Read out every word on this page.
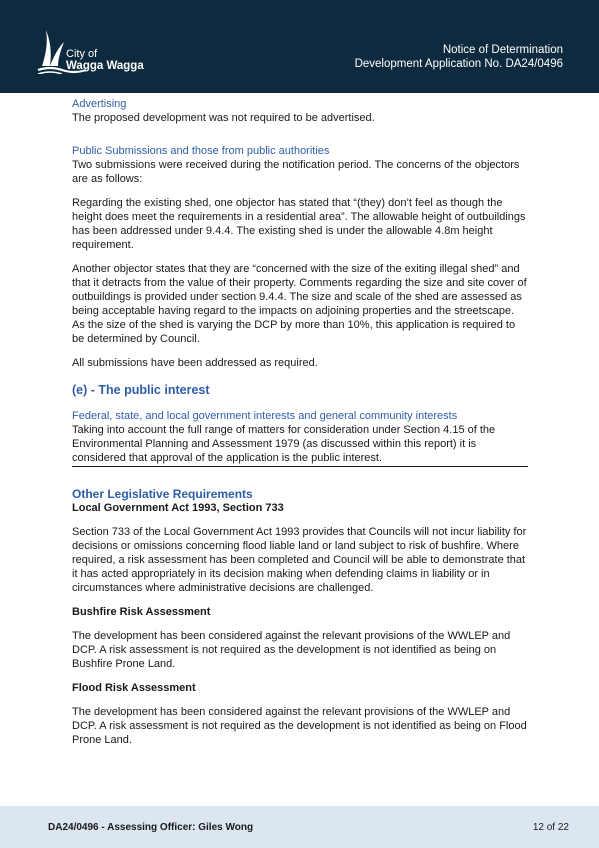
City of
Wagga Wagga
Notice of Determination
Development Application No. DA24/0496

Advertising

The proposed development was not required to be advertised.

Public Submissions and those from public authorities

Two submissions were received during the notification period. The concerns of the objectors are as follows:

Regarding the existing shed, one objector has stated that “(they) don’t feel as though the height does meet the requirements in a residential area”. The allowable height of outbuildings has been addressed under 9.4.4. The existing shed is under the allowable 4.8m height requirement.

Another objector states that they are “concerned with the size of the exiting illegal shed” and that it detracts from the value of their property. Comments regarding the size and site cover of outbuildings is provided under section 9.4.4. The size and scale of the shed are assessed as being acceptable having regard to the impacts on adjoining properties and the streetscape. As the size of the shed is varying the DCP by more than 10%, this application is required to be determined by Council.

All submissions have been addressed as required.

(e) - The public interest

Federal, state, and local government interests and general community interests

Taking into account the full range of matters for consideration under Section 4.15 of the Environmental Planning and Assessment 1979 (as discussed within this report) it is considered that approval of the application is the public interest.

Other Legislative Requirements

Local Government Act 1993, Section 733

Section 733 of the Local Government Act 1993 provides that Councils will not incur liability for decisions or omissions concerning flood liable land or land subject to risk of bushfire. Where required, a risk assessment has been completed and Council will be able to demonstrate that it has acted appropriately in its decision making when defending claims in liability or in circumstances where administrative decisions are challenged.

Bushfire Risk Assessment

The development has been considered against the relevant provisions of the WWLEP and DCP. A risk assessment is not required as the development is not identified as being on Bushfire Prone Land.

Flood Risk Assessment

The development has been considered against the relevant provisions of the WWLEP and DCP. A risk assessment is not required as the development is not identified as being on Flood Prone Land.

DA24/0496 - Assessing Officer: Giles Wong	12 of 22
